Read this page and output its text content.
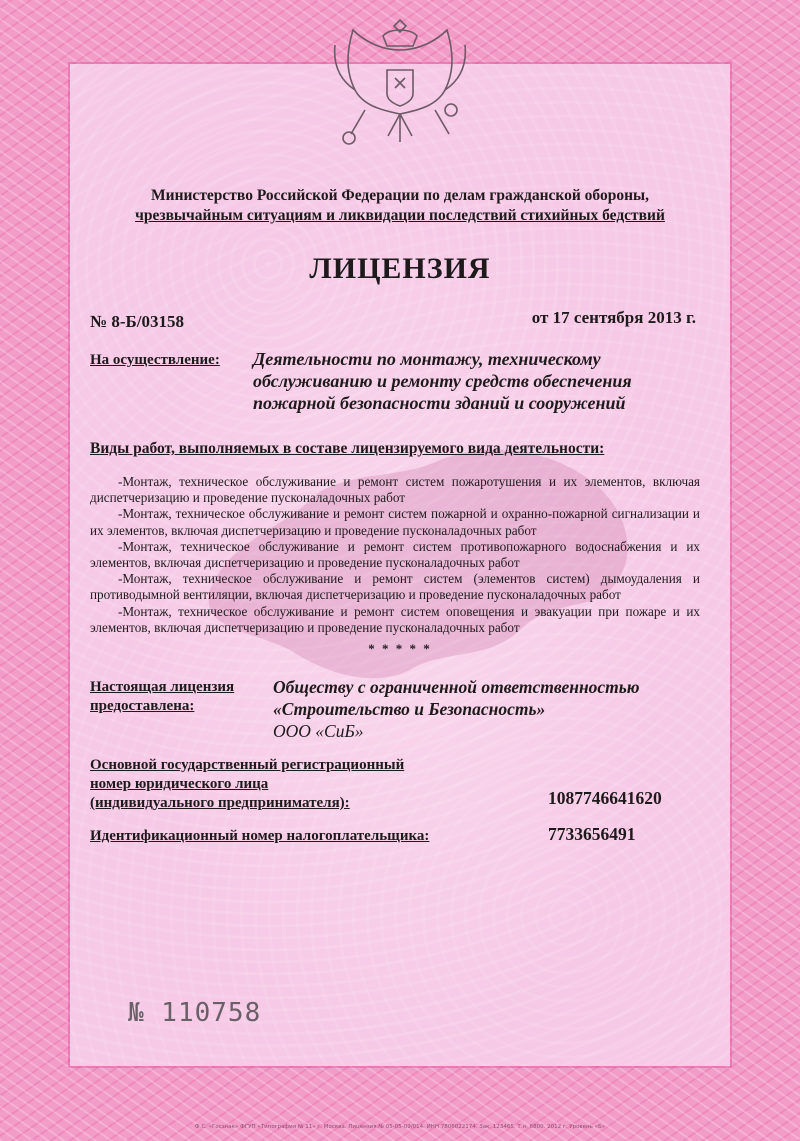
Министерство Российской Федерации по делам гражданской обороны,
чрезвычайным ситуациям и ликвидации последствий стихийных бедствий
ЛИЦЕНЗИЯ
№ 8-Б/03158	от 17 сентября 2013 г.
На осуществление: Деятельности по монтажу, техническому
обслуживанию и ремонту средств обеспечения
пожарной безопасности зданий и сооружений
Виды работ, выполняемых в составе лицензируемого вида деятельности:

-Монтаж, техническое обслуживание и ремонт систем пожаротушения и их элементов, включая диспетчеризацию и проведение пусконаладочных работ

-Монтаж, техническое обслуживание и ремонт систем пожарной и охранно-пожарной сигнализации и их элементов, включая диспетчеризацию и проведение пусконаладочных работ

-Монтаж, техническое обслуживание и ремонт систем противопожарного водоснабжения и их элементов, включая диспетчеризацию и проведение пусконаладочных работ

-Монтаж, техническое обслуживание и ремонт систем (элементов систем) дымоудаления и противодымной вентиляции, включая диспетчеризацию и проведение пусконаладочных работ

-Монтаж, техническое обслуживание и ремонт систем оповещения и эвакуации при пожаре и их элементов, включая диспетчеризацию и проведение пусконаладочных работ

* * * * *
Настоящая лицензия
предоставлена:
Обществу с ограниченной ответственностью
«Строительство и Безопасность»
ООО «СиБ»
Основной государственный регистрационный
номер юридического лица
(индивидуального предпринимателя):	1087746641620
Идентификационный номер налогоплательщика:	7733656491
№ 110758
Ф.С. «Госзнак» ФГУП «Типография № 11» г. Москва. Лицензия № 05-05-09/014. ИНН 7806022174. Зак. 123465. Т.н. 6800. 2012 г. Уровень «Б»
